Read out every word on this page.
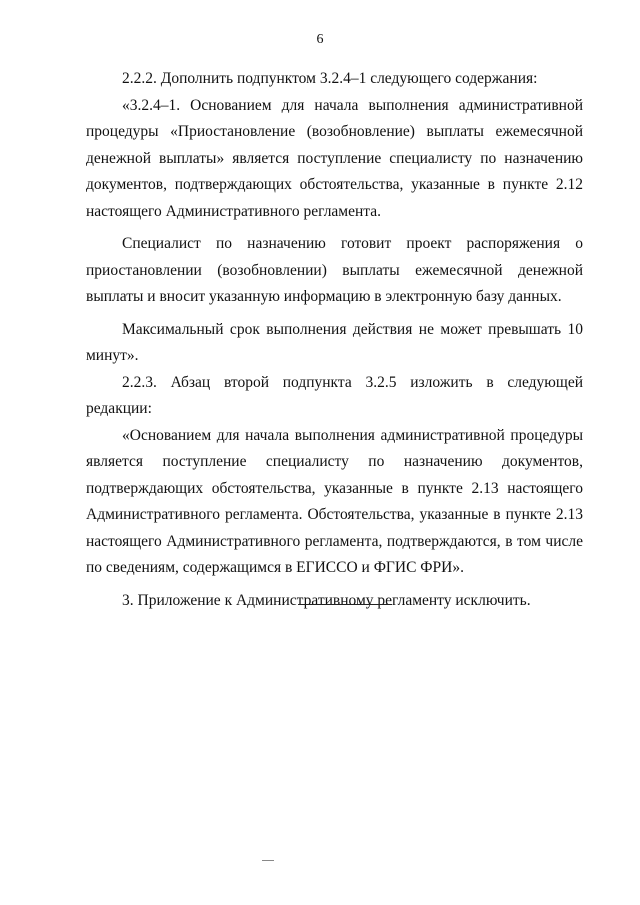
6

2.2.2. Дополнить подпунктом 3.2.4–1 следующего содержания:

«3.2.4–1. Основанием для начала выполнения административной процедуры «Приостановление (возобновление) выплаты ежемесячной денежной выплаты» является поступление специалисту по назначению документов, подтверждающих обстоятельства, указанные в пункте 2.12 настоящего Административного регламента.

Специалист по назначению готовит проект распоряжения о приостановлении (возобновлении) выплаты ежемесячной денежной выплаты и вносит указанную информацию в электронную базу данных.

Максимальный срок выполнения действия не может превышать 10 минут».

2.2.3. Абзац второй подпункта 3.2.5 изложить в следующей редакции:

«Основанием для начала выполнения административной процедуры является поступление специалисту по назначению документов, подтверждающих обстоятельства, указанные в пункте 2.13 настоящего Административного регламента. Обстоятельства, указанные в пункте 2.13 настоящего Административного регламента, подтверждаются, в том числе по сведениям, содержащимся в ЕГИССО и ФГИС ФРИ».

3. Приложение к Административному регламенту исключить.
